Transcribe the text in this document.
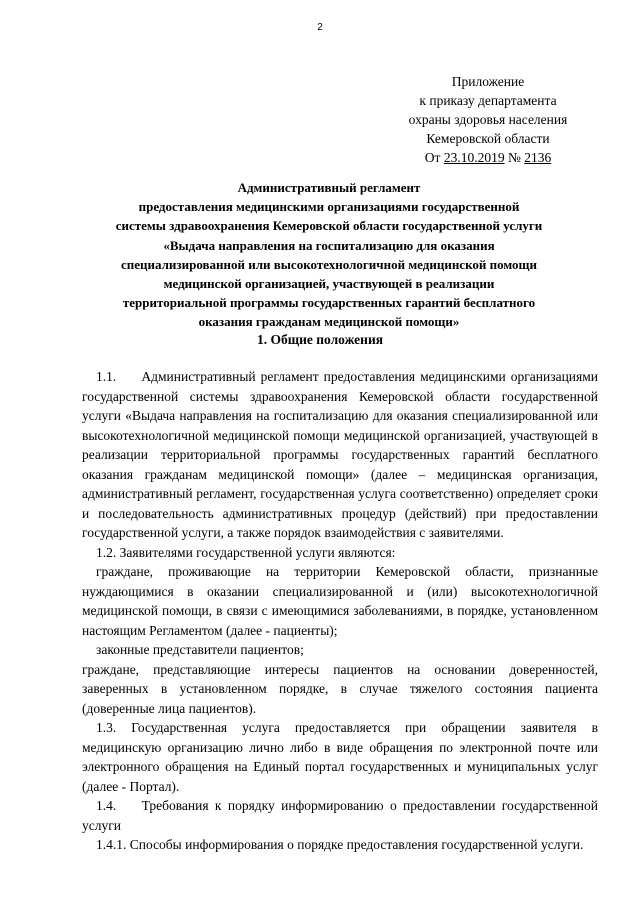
2
Приложение
к приказу департамента
охраны здоровья населения
Кемеровской области
От 23.10.2019 № 2136
Административный регламент
предоставления медицинскими организациями государственной
системы здравоохранения Кемеровской области государственной услуги
«Выдача направления на госпитализацию для оказания
специализированной или высокотехнологичной медицинской помощи
медицинской организацией, участвующей в реализации
территориальной программы государственных гарантий бесплатного
оказания гражданам медицинской помощи»
1. Общие положения

1.1.     Административный регламент предоставления медицинскими организациями государственной системы здравоохранения Кемеровской области государственной услуги «Выдача направления на госпитализацию для оказания специализированной или высокотехнологичной медицинской помощи медицинской организацией, участвующей в реализации территориальной программы государственных гарантий бесплатного оказания гражданам медицинской помощи» (далее – медицинская организация, административный регламент, государственная услуга соответственно) определяет сроки и последовательность административных процедур (действий) при предоставлении государственной услуги, а также порядок взаимодействия с заявителями.

1.2. Заявителями государственной услуги являются:

граждане, проживающие на территории Кемеровской области, признанные нуждающимися в оказании специализированной и (или) высокотехнологичной медицинской помощи, в связи с имеющимися заболеваниями, в порядке, установленном настоящим Регламентом (далее - пациенты);

законные представители пациентов;

граждане, представляющие интересы пациентов на основании доверенностей, заверенных в установленном порядке, в случае тяжелого состояния пациента (доверенные лица пациентов).

1.3. Государственная услуга предоставляется при обращении заявителя в медицинскую организацию лично либо в виде обращения по электронной почте или электронного обращения на Единый портал государственных и муниципальных услуг (далее - Портал).

1.4.    Требования к порядку информированию о предоставлении государственной услуги

1.4.1. Способы информирования о порядке предоставления государственной услуги.
